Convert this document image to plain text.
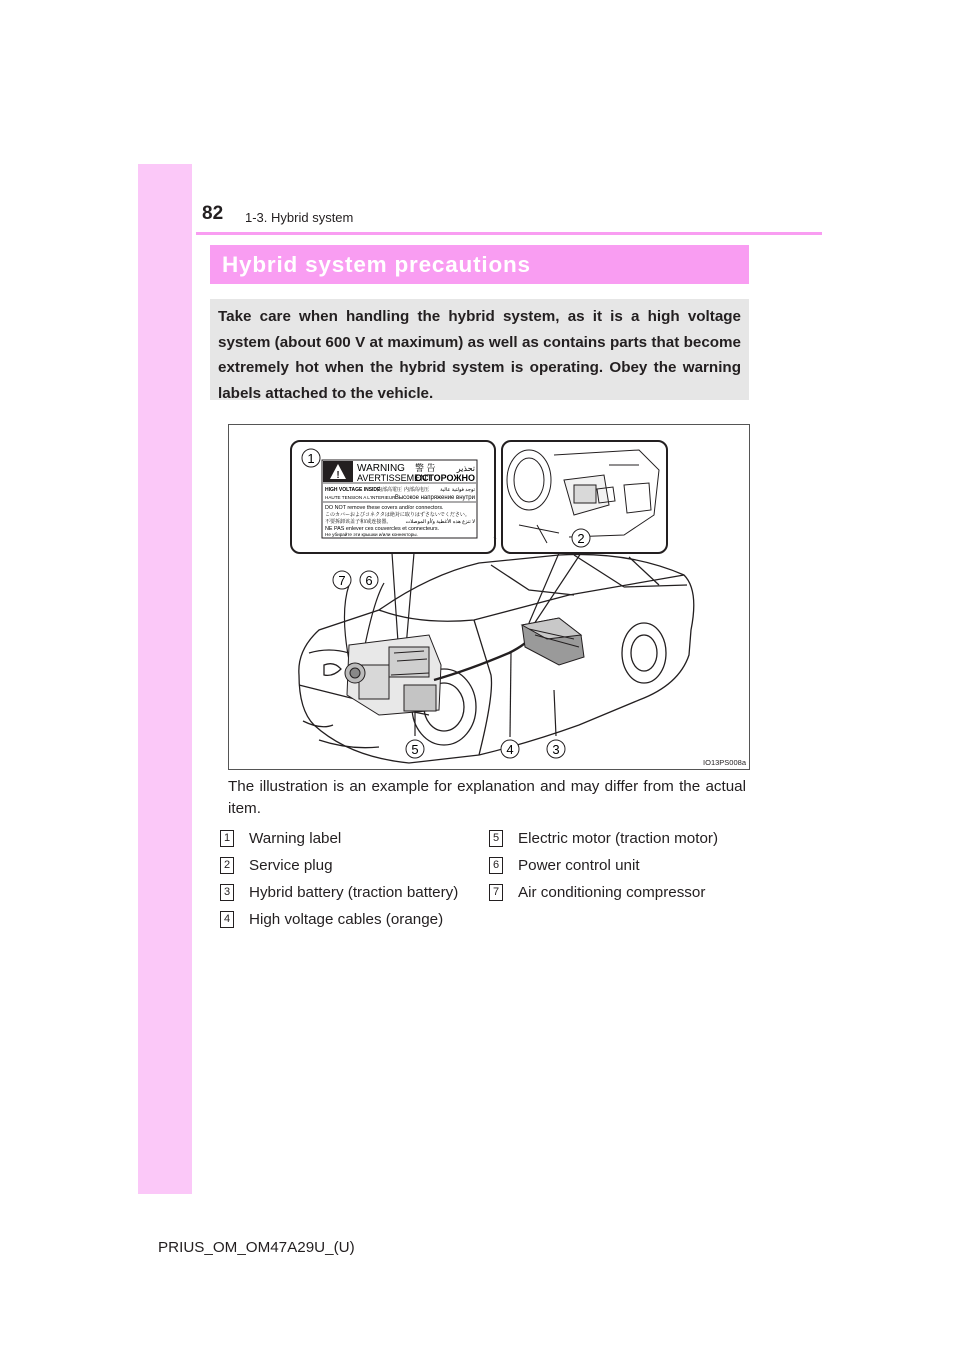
82 1-3. Hybrid system
Hybrid system precautions
Take care when handling the hybrid system, as it is a high voltage system (about 600 V at maximum) as well as contains parts that become extremely hot when the hybrid system is operating. Obey the warning labels attached to the vehicle.
!
WARNING 警 告	تحذير
AVERTISSEMENT
ОСТОРОЖНО
HIGH VOLTAGE INSIDE
内部高電圧 内部高电压 توجد فولتية عالية
HAUTE TENSION A L'INTERIEUR Высокое напряжение внутри
DO NOT remove these covers and/or connectors.
このカバーおよびコネクタは絶対に取りはずさないでください。
不要拆卸该盖子和/或连接器。	لا تنزع هذه الأغطية و/أو الموصلات
NE PAS enlever ces couvercles et connecteurs.
Не убирайте эти крышки и/или коннекторы.
1
2
3
4
5
6
7
IO13PS008a
The illustration is an example for explanation and may differ from the actual item.
1 Warning label
2 Service plug
3 Hybrid battery (traction battery)
4 High voltage cables (orange)
5 Electric motor (traction motor)
6 Power control unit
7 Air conditioning compressor
PRIUS_OM_OM47A29U_(U)
